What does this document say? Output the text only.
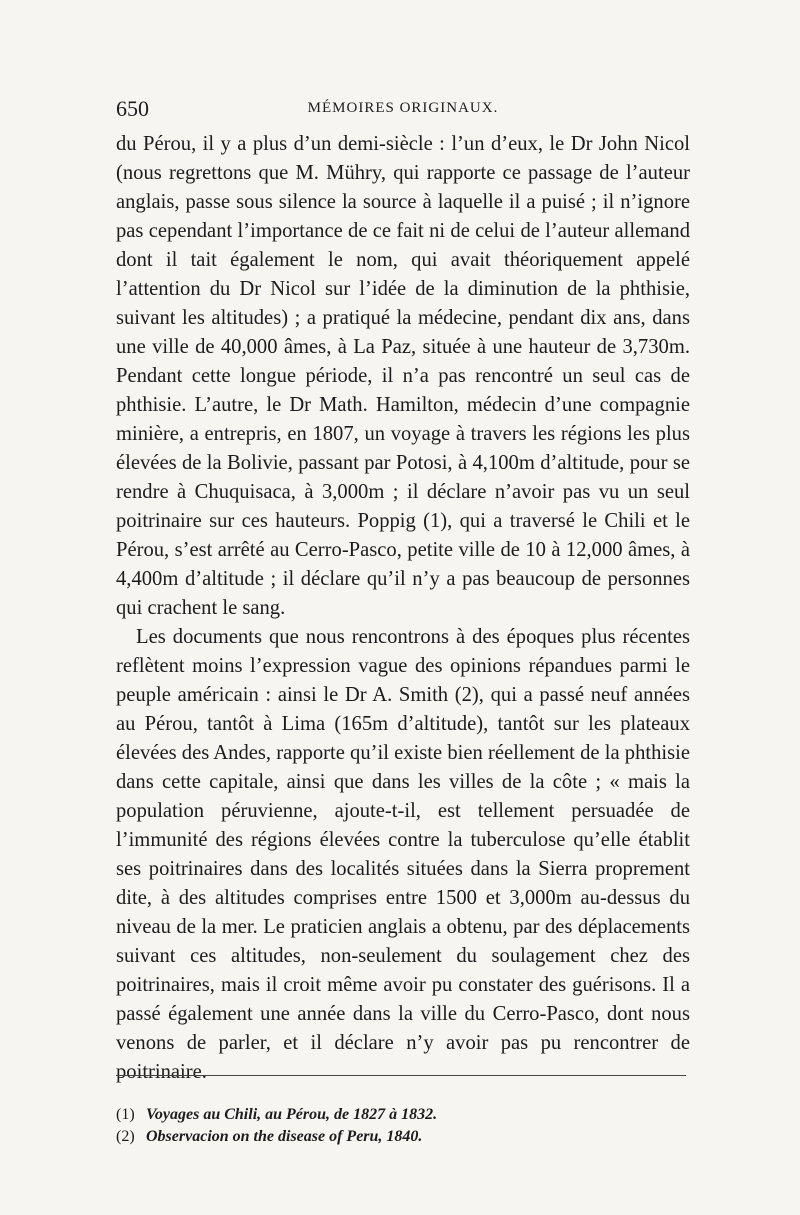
650	MÉMOIRES ORIGINAUX.

du Pérou, il y a plus d’un demi-siècle : l’un d’eux, le Dr John Nicol (nous regrettons que M. Mühry, qui rapporte ce passage de l’auteur anglais, passe sous silence la source à laquelle il a puisé ; il n’ignore pas cependant l’importance de ce fait ni de celui de l’auteur allemand dont il tait également le nom, qui avait théoriquement appelé l’attention du Dr Nicol sur l’idée de la diminution de la phthisie, suivant les altitudes) ; a pratiqué la médecine, pendant dix ans, dans une ville de 40,000 âmes, à La Paz, située à une hauteur de 3,730m. Pendant cette longue période, il n’a pas rencontré un seul cas de phthisie. L’autre, le Dr Math. Hamilton, médecin d’une compagnie minière, a entrepris, en 1807, un voyage à travers les régions les plus élevées de la Bolivie, passant par Potosi, à 4,100m d’altitude, pour se rendre à Chuquisaca, à 3,000m ; il déclare n’avoir pas vu un seul poitrinaire sur ces hauteurs. Poppig (1), qui a traversé le Chili et le Pérou, s’est arrêté au Cerro-Pasco, petite ville de 10 à 12,000 âmes, à 4,400m d’altitude ; il déclare qu’il n’y a pas beaucoup de personnes qui crachent le sang.

Les documents que nous rencontrons à des époques plus récentes reflètent moins l’expression vague des opinions répandues parmi le peuple américain : ainsi le Dr A. Smith (2), qui a passé neuf années au Pérou, tantôt à Lima (165m d’altitude), tantôt sur les plateaux élevées des Andes, rapporte qu’il existe bien réellement de la phthisie dans cette capitale, ainsi que dans les villes de la côte ; « mais la population péruvienne, ajoute-t-il, est tellement persuadée de l’immunité des régions élevées contre la tuberculose qu’elle établit ses poitrinaires dans des localités situées dans la Sierra proprement dite, à des altitudes comprises entre 1500 et 3,000m au-dessus du niveau de la mer. Le praticien anglais a obtenu, par des déplacements suivant ces altitudes, non-seulement du soulagement chez des poitrinaires, mais il croit même avoir pu constater des guérisons. Il a passé également une année dans la ville du Cerro-Pasco, dont nous venons de parler, et il déclare n’y avoir pas pu rencontrer de poitrinaire.

(1) Voyages au Chili, au Pérou, de 1827 à 1832.
(2) Observacion on the disease of Peru, 1840.
